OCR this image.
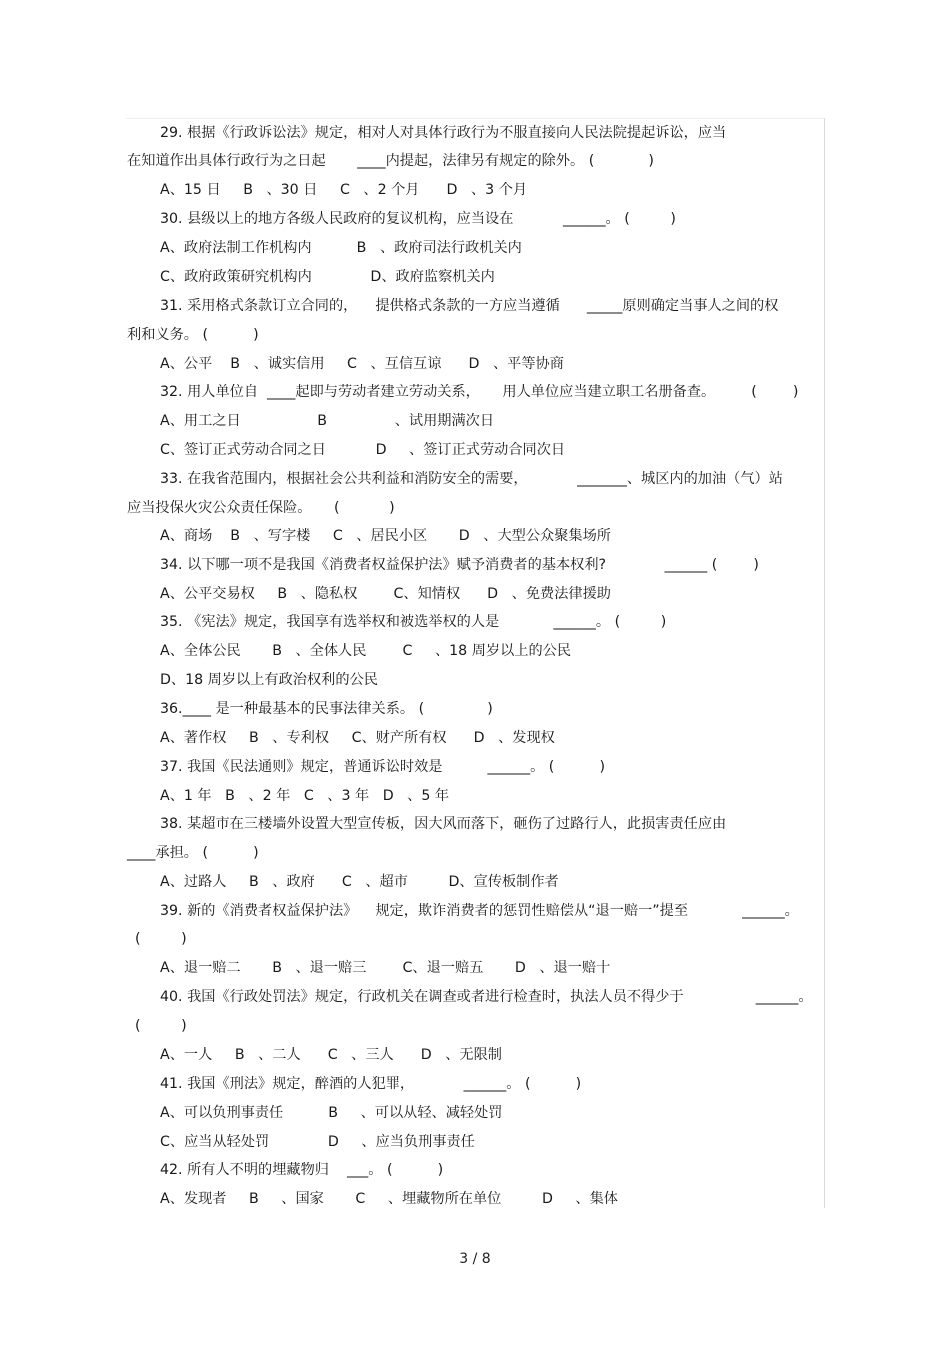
29. 根据《行政诉讼法》规定，相对人对具体行政行为不服直接向人民法院提起诉讼，应当
在知道作出具体行政行为之日起       ____内提起，法律另有规定的除外。 (            )
A、15 日     B   、30 日     C   、2 个月      D   、3 个月
30. 县级以上的地方各级人民政府的复议机构，应当设在           ______。 (         )
A、政府法制工作机构内          B   、政府司法行政机关内
C、政府政策研究机构内             D、政府监察机关内
31. 采用格式条款订立合同的，    提供格式条款的一方应当遵循      _____原则确定当事人之间的权
利和义务。 (          )
A、公平    B   、诚实信用     C   、互信互谅      D   、平等协商
32. 用人单位自  ____起即与劳动者建立劳动关系，     用人单位应当建立职工名册备查。        (        )
A、用工之日                 B               、试用期满次日
C、签订正式劳动合同之日           D     、签订正式劳动合同次日
33. 在我省范围内，根据社会公共利益和消防安全的需要，           _______、城区内的加油（气）站
应当投保火灾公众责任保险。     (           )
A、商场    B   、写字楼     C   、居民小区       D   、大型公众聚集场所
34. 以下哪一项不是我国《消费者权益保护法》赋予消费者的基本权利?             ______ (        )
A、公平交易权     B   、隐私权        C、知情权      D   、免费法律援助
35. 《宪法》规定，我国享有选举权和被选举权的人是            ______。 (         )
A、全体公民       B   、全体人民        C     、18 周岁以上的公民
D、18 周岁以上有政治权利的公民
36.____ 是一种最基本的民事法律关系。 (              )
A、著作权     B   、专利权     C、财产所有权      D   、发现权
37. 我国《民法通则》规定，普通诉讼时效是          ______。 (          )
A、1 年   B   、2 年   C   、3 年   D   、5 年
38. 某超市在三楼墙外设置大型宣传板，因大风而落下，砸伤了过路行人，此损害责任应由
____承担。 (          )
A、过路人     B   、政府      C   、超市         D、宣传板制作者
39. 新的《消费者权益保护法》    规定，欺诈消费者的惩罚性赔偿从“退一赔一”提至            ______。
(         )
A、退一赔二       B   、退一赔三        C、退一赔五       D   、退一赔十
40. 我国《行政处罚法》规定，行政机关在调查或者进行检查时，执法人员不得少于                ______。
(         )
A、一人     B   、二人      C   、三人      D   、无限制
41. 我国《刑法》规定，醉酒的人犯罪，           ______。 (          )
A、可以负刑事责任          B     、可以从轻、减轻处罚
C、应当从轻处罚             D     、应当负刑事责任
42. 所有人不明的埋藏物归    ___。 (          )
A、发现者     B     、国家       C     、埋藏物所在单位         D     、集体
3 / 8
